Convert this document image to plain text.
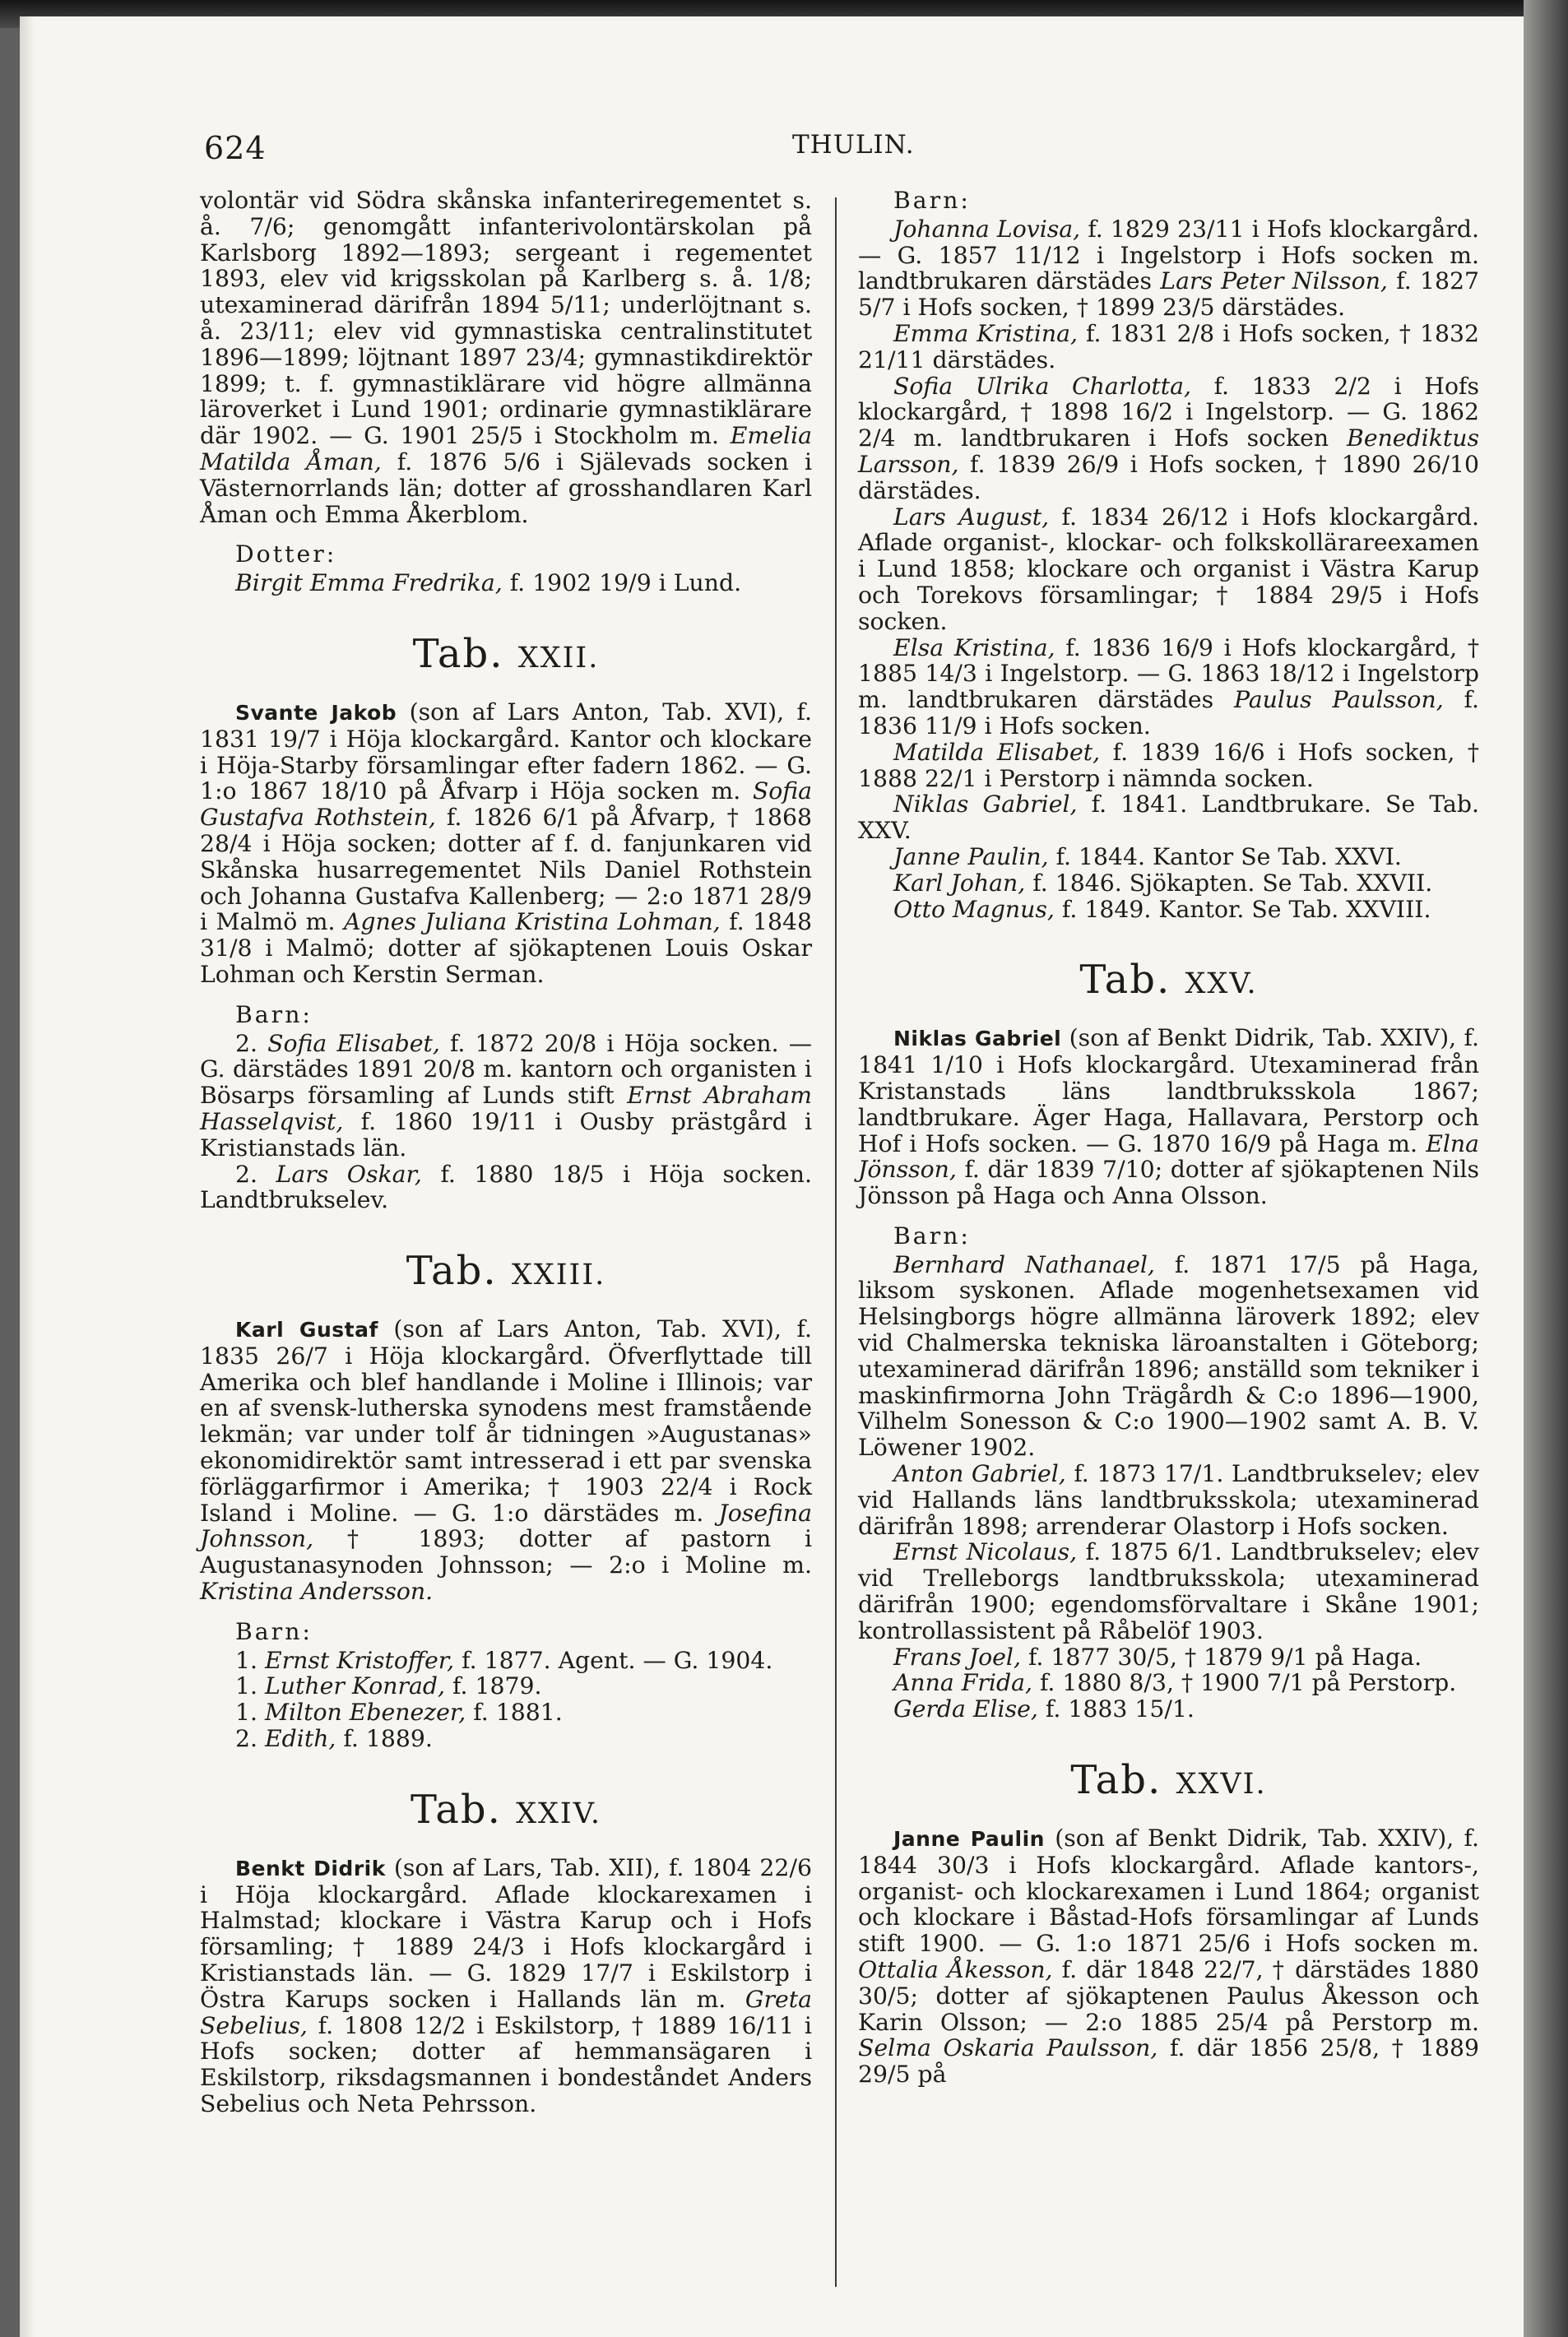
624	THULIN.

volontär vid Södra skånska infanteriregementet s. å. 7/6; genomgått infanterivolontärskolan på Karlsborg 1892—1893; sergeant i regementet 1893, elev vid krigsskolan på Karlberg s. å. 1/8; utexaminerad därifrån 1894 5/11; underlöjtnant s. å. 23/11; elev vid gymnastiska centralinstitutet 1896—1899; löjtnant 1897 23/4; gymnastikdirektör 1899; t. f. gymnastiklärare vid högre allmänna läroverket i Lund 1901; ordinarie gymnastiklärare där 1902. — G. 1901 25/5 i Stockholm m. Emelia Matilda Åman, f. 1876 5/6 i Själevads socken i Västernorrlands län; dotter af grosshandlaren Karl Åman och Emma Åkerblom.

Dotter:

Birgit Emma Fredrika, f. 1902 19/9 i Lund.

Tab. XXII.

Svante Jakob (son af Lars Anton, Tab. XVI), f. 1831 19/7 i Höja klockargård. Kantor och klockare i Höja-Starby församlingar efter fadern 1862. — G. 1:o 1867 18/10 på Åfvarp i Höja socken m. Sofia Gustafva Rothstein, f. 1826 6/1 på Åfvarp, † 1868 28/4 i Höja socken; dotter af f. d. fanjunkaren vid Skånska husarregementet Nils Daniel Rothstein och Johanna Gustafva Kallenberg; — 2:o 1871 28/9 i Malmö m. Agnes Juliana Kristina Lohman, f. 1848 31/8 i Malmö; dotter af sjökaptenen Louis Oskar Lohman och Kerstin Serman.

Barn:

2. Sofia Elisabet, f. 1872 20/8 i Höja socken. — G. därstädes 1891 20/8 m. kantorn och organisten i Bösarps församling af Lunds stift Ernst Abraham Hasselqvist, f. 1860 19/11 i Ousby prästgård i Kristianstads län.

2. Lars Oskar, f. 1880 18/5 i Höja socken. Landtbrukselev.

Tab. XXIII.

Karl Gustaf (son af Lars Anton, Tab. XVI), f. 1835 26/7 i Höja klockargård. Öfverflyttade till Amerika och blef handlande i Moline i Illinois; var en af svensk-lutherska synodens mest framstående lekmän; var under tolf år tidningen »Augustanas» ekonomidirektör samt intresserad i ett par svenska förläggarfirmor i Amerika; † 1903 22/4 i Rock Island i Moline. — G. 1:o därstädes m. Josefina Johnsson, † 1893; dotter af pastorn i Augustanasynoden Johnsson; — 2:o i Moline m. Kristina Andersson.

Barn:

1. Ernst Kristoffer, f. 1877. Agent. — G. 1904.

1. Luther Konrad, f. 1879.

1. Milton Ebenezer, f. 1881.

2. Edith, f. 1889.

Tab. XXIV.

Benkt Didrik (son af Lars, Tab. XII), f. 1804 22/6 i Höja klockargård. Aflade klockarexamen i Halmstad; klockare i Västra Karup och i Hofs församling; † 1889 24/3 i Hofs klockargård i Kristianstads län. — G. 1829 17/7 i Eskilstorp i Östra Karups socken i Hallands län m. Greta Sebelius, f. 1808 12/2 i Eskilstorp, † 1889 16/11 i Hofs socken; dotter af hemmansägaren i Eskilstorp, riksdagsmannen i bondeståndet Anders Sebelius och Neta Pehrsson.

Barn:

Johanna Lovisa, f. 1829 23/11 i Hofs klockargård. — G. 1857 11/12 i Ingelstorp i Hofs socken m. landtbrukaren därstädes Lars Peter Nilsson, f. 1827 5/7 i Hofs socken, † 1899 23/5 därstädes.

Emma Kristina, f. 1831 2/8 i Hofs socken, † 1832 21/11 därstädes.

Sofia Ulrika Charlotta, f. 1833 2/2 i Hofs klockargård, † 1898 16/2 i Ingelstorp. — G. 1862 2/4 m. landtbrukaren i Hofs socken Benediktus Larsson, f. 1839 26/9 i Hofs socken, † 1890 26/10 därstädes.

Lars August, f. 1834 26/12 i Hofs klockargård. Aflade organist-, klockar- och folkskollärareexamen i Lund 1858; klockare och organist i Västra Karup och Torekovs församlingar; † 1884 29/5 i Hofs socken.

Elsa Kristina, f. 1836 16/9 i Hofs klockargård, † 1885 14/3 i Ingelstorp. — G. 1863 18/12 i Ingelstorp m. landtbrukaren därstädes Paulus Paulsson, f. 1836 11/9 i Hofs socken.

Matilda Elisabet, f. 1839 16/6 i Hofs socken, † 1888 22/1 i Perstorp i nämnda socken.

Niklas Gabriel, f. 1841. Landtbrukare. Se Tab. XXV.

Janne Paulin, f. 1844. Kantor Se Tab. XXVI.

Karl Johan, f. 1846. Sjökapten. Se Tab. XXVII.

Otto Magnus, f. 1849. Kantor. Se Tab. XXVIII.

Tab. XXV.

Niklas Gabriel (son af Benkt Didrik, Tab. XXIV), f. 1841 1/10 i Hofs klockargård. Utexaminerad från Kristanstads läns landtbruksskola 1867; landtbrukare. Äger Haga, Hallavara, Perstorp och Hof i Hofs socken. — G. 1870 16/9 på Haga m. Elna Jönsson, f. där 1839 7/10; dotter af sjökaptenen Nils Jönsson på Haga och Anna Olsson.

Barn:

Bernhard Nathanael, f. 1871 17/5 på Haga, liksom syskonen. Aflade mogenhetsexamen vid Helsingborgs högre allmänna läroverk 1892; elev vid Chalmerska tekniska läroanstalten i Göteborg; utexaminerad därifrån 1896; anställd som tekniker i maskinfirmorna John Trägårdh & C:o 1896—1900, Vilhelm Sonesson & C:o 1900—1902 samt A. B. V. Löwener 1902.

Anton Gabriel, f. 1873 17/1. Landtbrukselev; elev vid Hallands läns landtbruksskola; utexaminerad därifrån 1898; arrenderar Olastorp i Hofs socken.

Ernst Nicolaus, f. 1875 6/1. Landtbrukselev; elev vid Trelleborgs landtbruksskola; utexaminerad därifrån 1900; egendomsförvaltare i Skåne 1901; kontrollassistent på Råbelöf 1903.

Frans Joel, f. 1877 30/5, † 1879 9/1 på Haga.

Anna Frida, f. 1880 8/3, † 1900 7/1 på Perstorp.

Gerda Elise, f. 1883 15/1.

Tab. XXVI.

Janne Paulin (son af Benkt Didrik, Tab. XXIV), f. 1844 30/3 i Hofs klockargård. Aflade kantors-, organist- och klockarexamen i Lund 1864; organist och klockare i Båstad-Hofs församlingar af Lunds stift 1900. — G. 1:o 1871 25/6 i Hofs socken m. Ottalia Åkesson, f. där 1848 22/7, † därstädes 1880 30/5; dotter af sjökaptenen Paulus Åkesson och Karin Olsson; — 2:o 1885 25/4 på Perstorp m. Selma Oskaria Paulsson, f. där 1856 25/8, † 1889 29/5 på
